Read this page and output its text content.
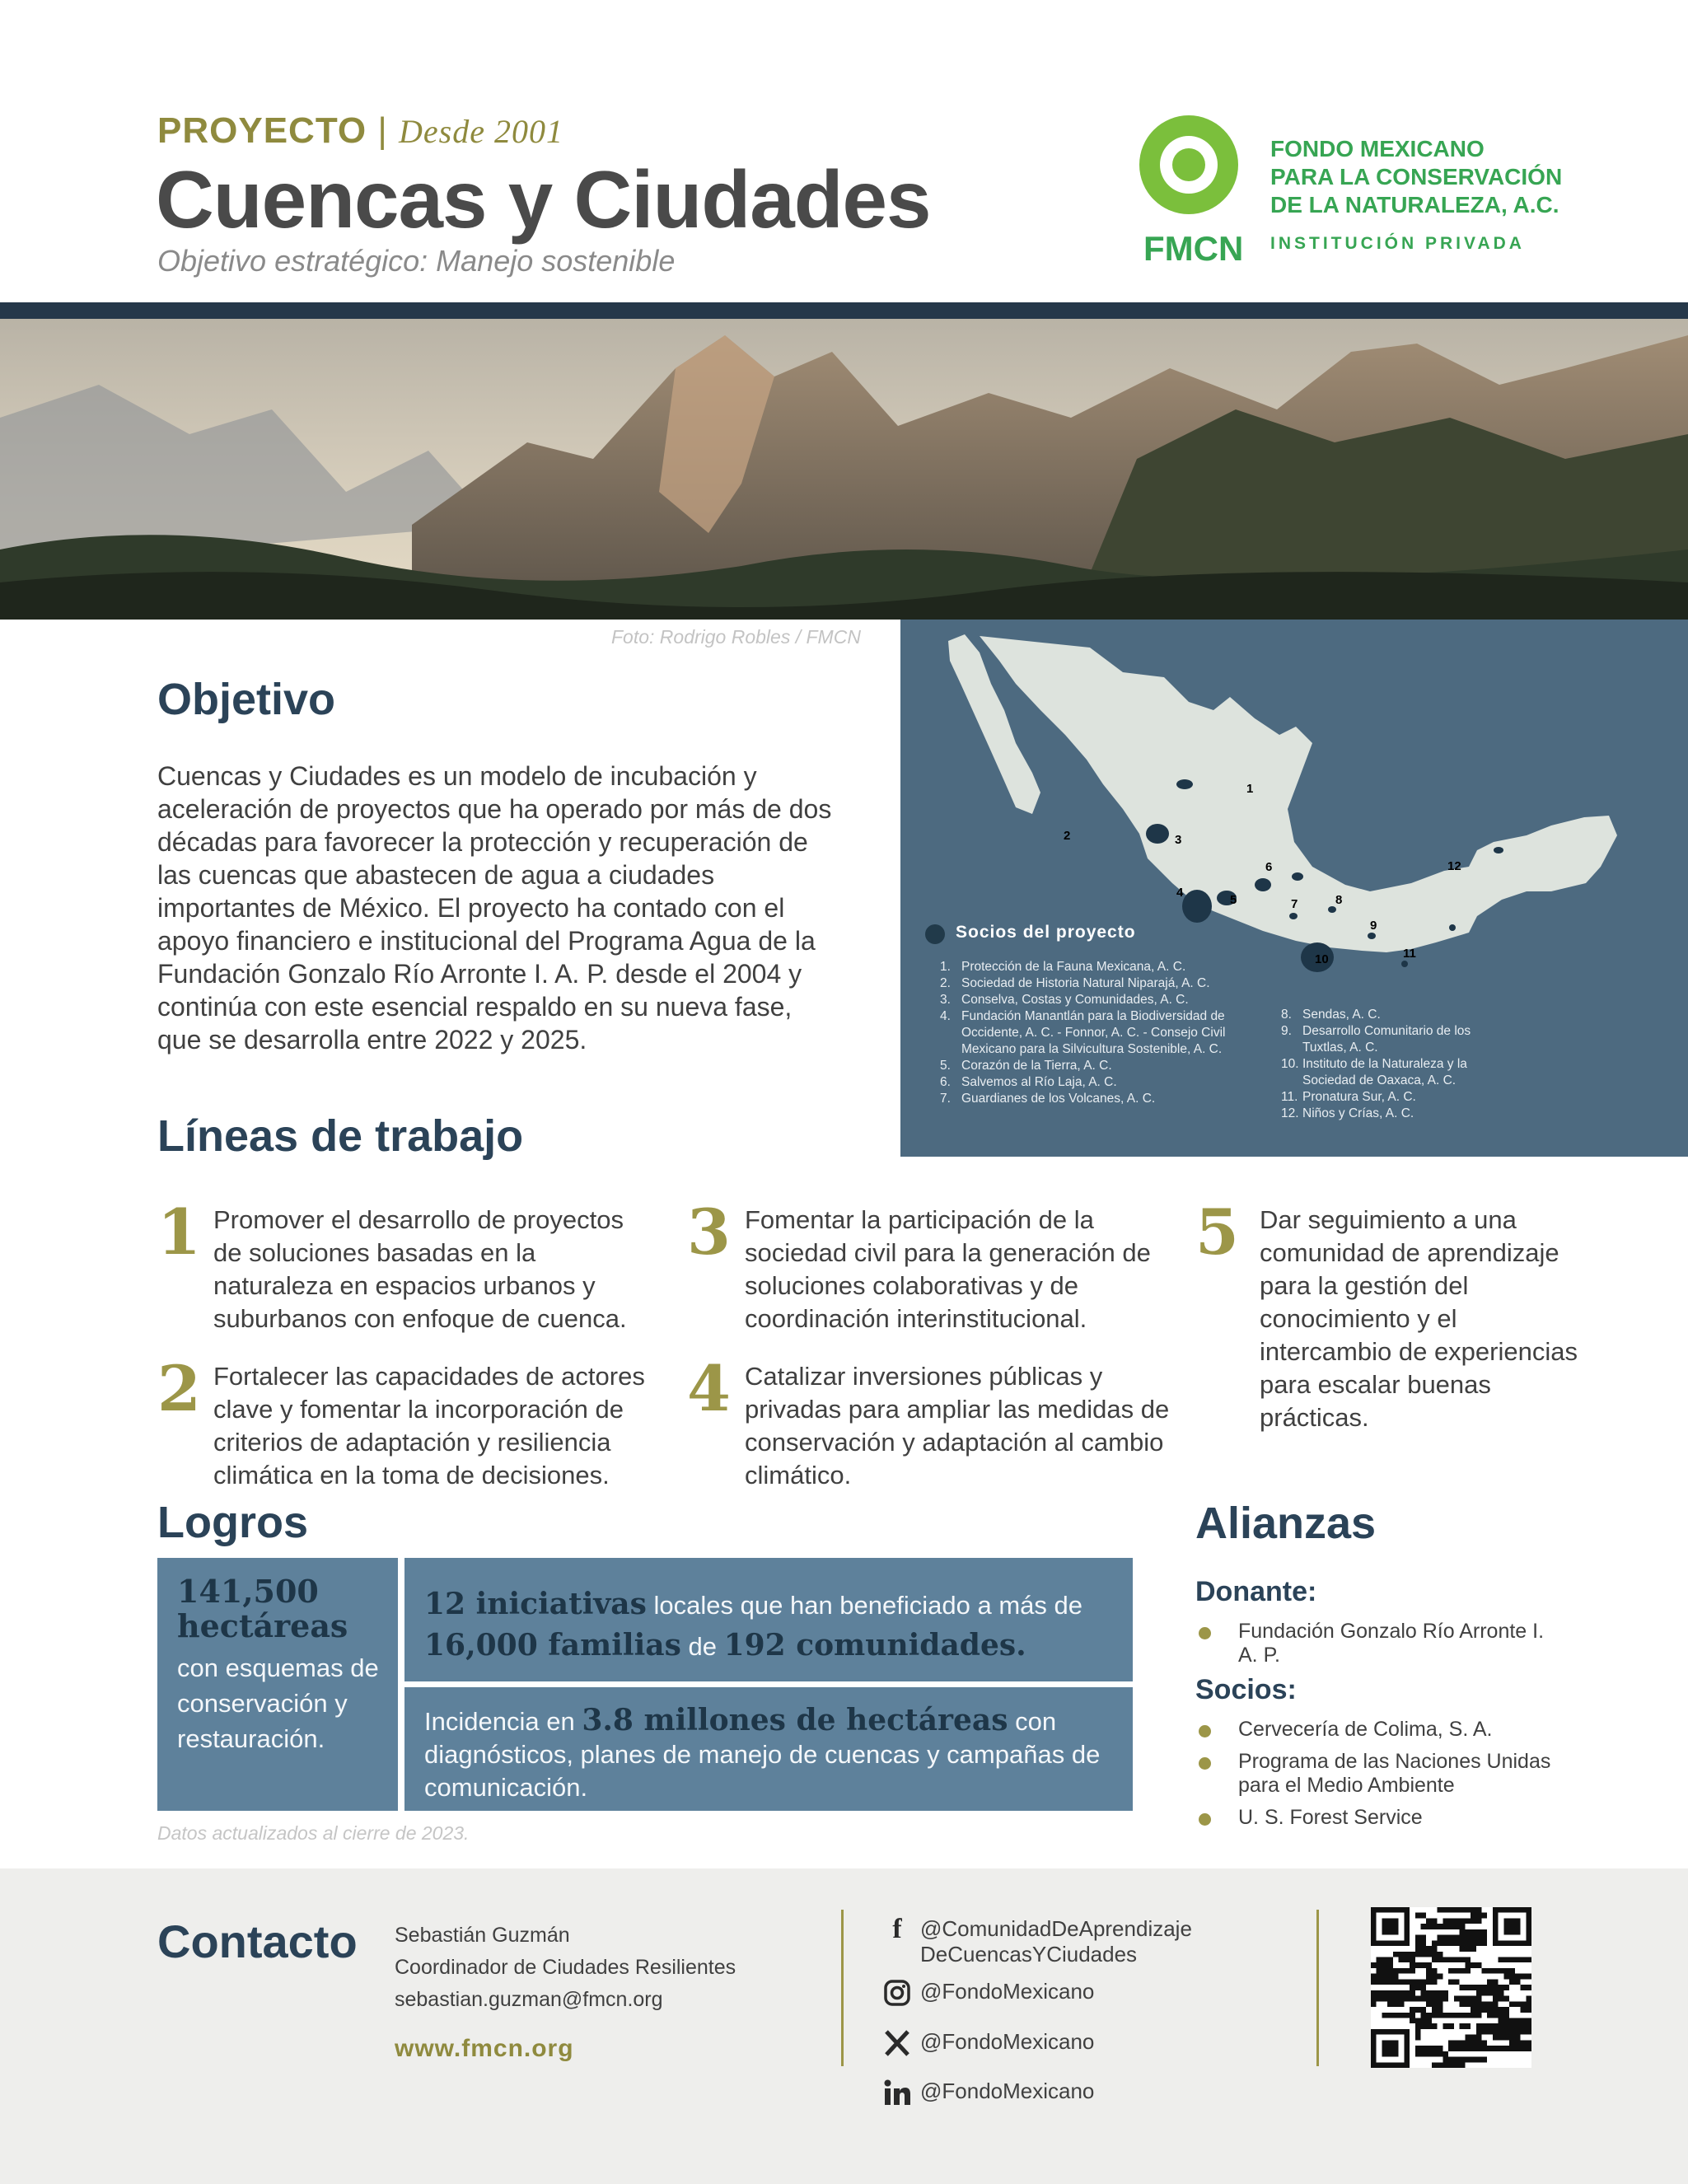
PROYECTO | Desde 2001
Cuencas y Ciudades
Objetivo estratégico: Manejo sostenible	FMCN
FONDO MEXICANO
PARA LA CONSERVACIÓN
DE LA NATURALEZA, A.C.
INSTITUCIÓN PRIVADA
Foto: Rodrigo Robles / FMCN
Objetivo
Cuencas y Ciudades es un modelo de incubación y aceleración de proyectos que ha operado por más de dos décadas para favorecer la protección y recuperación de las cuencas que abastecen de agua a ciudades importantes de México. El proyecto ha contado con el apoyo financiero e institucional del Programa Agua de la Fundación Gonzalo Río Arronte I. A. P. desde el 2004 y continúa con este esencial respaldo en su nueva fase, que se desarrolla entre 2022 y 2025.
1
2	3
4
5
6
7	8
9
10	11
12
Socios del proyecto
1. Protección de la Fauna Mexicana, A. C.
2. Sociedad de Historia Natural Niparajá, A. C.
3. Conselva, Costas y Comunidades, A. C.
4. Fundación Manantlán para la Biodiversidad de Occidente, A. C. - Fonnor, A. C. - Consejo Civil Mexicano para la Silvicultura Sostenible, A. C.
5. Corazón de la Tierra, A. C.
6. Salvemos al Río Laja, A. C.
7. Guardianes de los Volcanes, A. C.
8. Sendas, A. C.
9. Desarrollo Comunitario de los Tuxtlas, A. C.
10. Instituto de la Naturaleza y la Sociedad de Oaxaca, A. C.
11. Pronatura Sur, A. C.
12. Niños y Crías, A. C.
Líneas de trabajo
1 Promover el desarrollo de proyectos de soluciones basadas en la naturaleza en espacios urbanos y suburbanos con enfoque de cuenca.
2 Fortalecer las capacidades de actores clave y fomentar la incorporación de criterios de adaptación y resiliencia climática en la toma de decisiones.
3 Fomentar la participación de la sociedad civil para la generación de soluciones colaborativas y de coordinación interinstitucional.
4 Catalizar inversiones públicas y privadas para ampliar las medidas de conservación y adaptación al cambio climático.
5 Dar seguimiento a una comunidad de aprendizaje para la gestión del conocimiento y el intercambio de experiencias para escalar buenas prácticas.
Logros
141,500 hectáreas
con esquemas de conservación y restauración.
12 iniciativas locales que han beneficiado a más de 16,000 familias de 192 comunidades.
Incidencia en 3.8 millones de hectáreas con diagnósticos, planes de manejo de cuencas y campañas de comunicación.
Datos actualizados al cierre de 2023.
Alianzas
Donante:
Fundación Gonzalo Río Arronte I. A. P.
Socios:
Cervecería de Colima, S. A.
Programa de las Naciones Unidas para el Medio Ambiente
U. S. Forest Service
Contacto Sebastián Guzmán
Coordinador de Ciudades Resilientes
sebastian.guzman@fmcn.org
www.fmcn.org
f @ComunidadDeAprendizaje
DeCuencasYCiudades
@FondoMexicano
@FondoMexicano
@FondoMexicano
